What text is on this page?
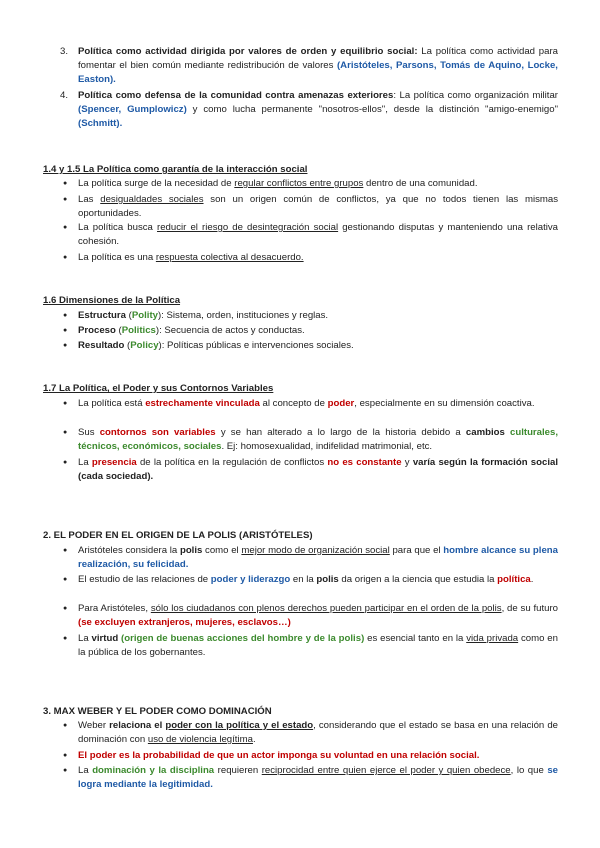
3. Política como actividad dirigida por valores de orden y equilibrio social: La política como actividad para fomentar el bien común mediante redistribución de valores (Aristóteles, Parsons, Tomás de Aquino, Locke, Easton).

4. Política como defensa de la comunidad contra amenazas exteriores: La política como organización militar (Spencer, Gumplowicz) y como lucha permanente "nosotros-ellos", desde la distinción "amigo-enemigo" (Schmitt).

1.4 y 1.5 La Política como garantía de la interacción social
● La política surge de la necesidad de regular conflictos entre grupos dentro de una comunidad.

● Las desigualdades sociales son un origen común de conflictos, ya que no todos tienen las mismas oportunidades.

● La política busca reducir el riesgo de desintegración social gestionando disputas y manteniendo una relativa cohesión.

● La política es una respuesta colectiva al desacuerdo.

1.6 Dimensiones de la Política
● Estructura (Polity): Sistema, orden, instituciones y reglas.

● Proceso (Politics): Secuencia de actos y conductas.

● Resultado (Policy): Políticas públicas e intervenciones sociales.

1.7 La Política, el Poder y sus Contornos Variables
● La política está estrechamente vinculada al concepto de poder, especialmente en su dimensión coactiva.

● Sus contornos son variables y se han alterado a lo largo de la historia debido a cambios culturales, técnicos, económicos, sociales. Ej: homosexualidad, indifelidad matrimonial, etc.

● La presencia de la política en la regulación de conflictos no es constante y varía según la formación social (cada sociedad).

2. EL PODER EN EL ORIGEN DE LA POLIS (ARISTÓTELES)
● Aristóteles considera la polis como el mejor modo de organización social para que el hombre alcance su plena realización, su felicidad.

● El estudio de las relaciones de poder y liderazgo en la polis da origen a la ciencia que estudia la política.

● Para Aristóteles, sólo los ciudadanos con plenos derechos pueden participar en el orden de la polis, de su futuro (se excluyen extranjeros, mujeres, esclavos…)

● La virtud (origen de buenas acciones del hombre y de la polis) es esencial tanto en la vida privada como en la pública de los gobernantes.

3. MAX WEBER Y EL PODER COMO DOMINACIÓN
● Weber relaciona el poder con la política y el estado, considerando que el estado se basa en una relación de dominación con uso de violencia legítima.

● El poder es la probabilidad de que un actor imponga su voluntad en una relación social.

● La dominación y la disciplina requieren reciprocidad entre quien ejerce el poder y quien obedece, lo que se logra mediante la legitimidad.
